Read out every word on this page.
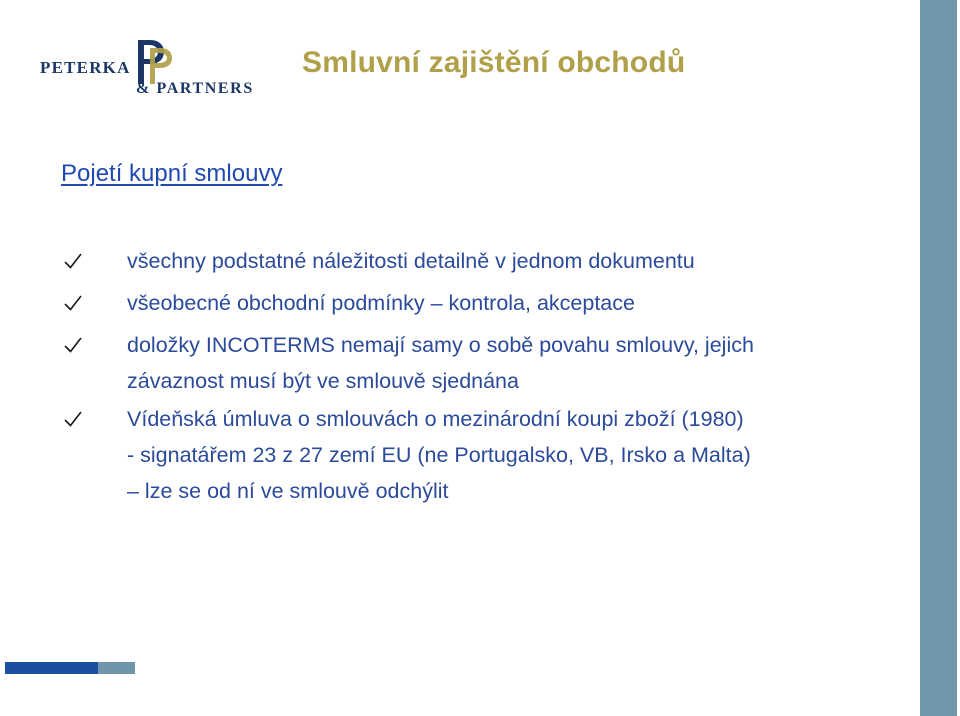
PETERKA
& PARTNERS
Smluvní zajištění obchodů
Pojetí kupní smlouvy
všechny podstatné náležitosti detailně v jednom dokumentu
všeobecné obchodní podmínky – kontrola, akceptace
doložky INCOTERMS nemají samy o sobě povahu smlouvy, jejich
závaznost musí být ve smlouvě sjednána
Vídeňská úmluva o smlouvách o mezinárodní koupi zboží (1980)
- signatářem 23 z 27 zemí EU (ne Portugalsko, VB, Irsko a Malta)
– lze se od ní ve smlouvě odchýlit
